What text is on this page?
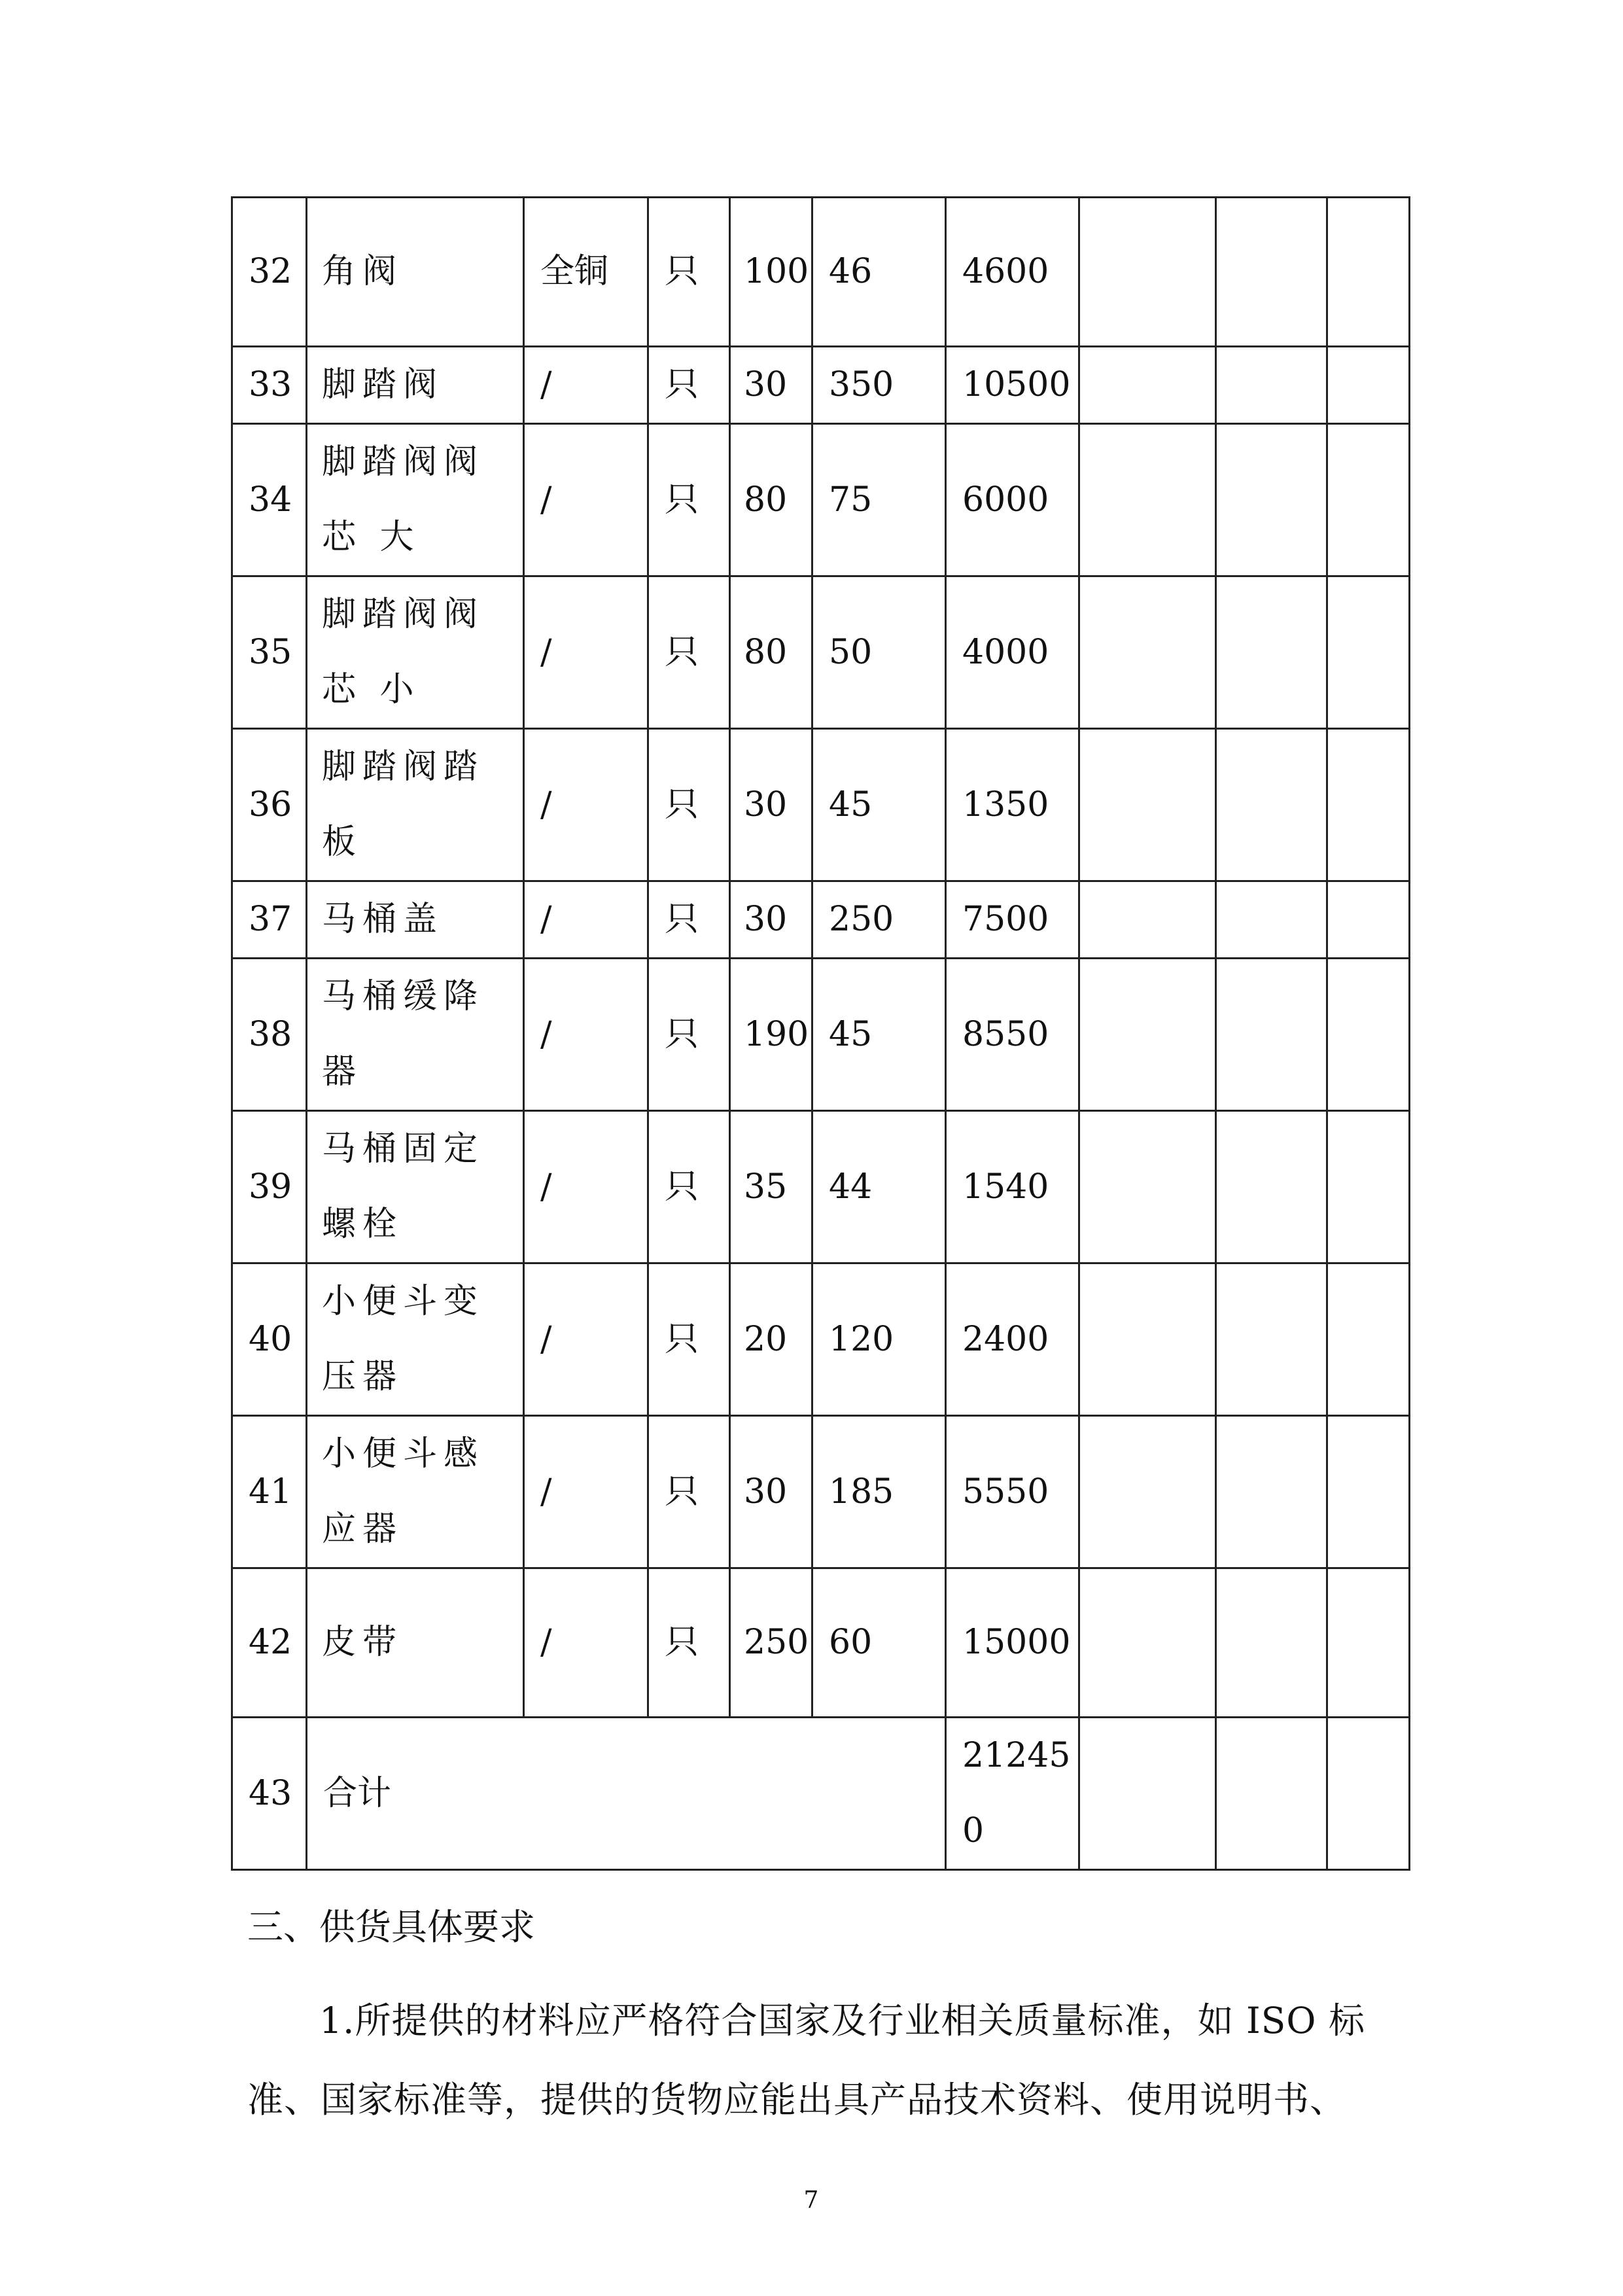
32	角阀	全铜	只	100	46	4600			
33	脚踏阀	/	只	30	350	10500			
34	脚踏阀阀芯 大	/	只	80	75	6000			
35	脚踏阀阀芯 小	/	只	80	50	4000			
36	脚踏阀踏板	/	只	30	45	1350			
37	马桶盖	/	只	30	250	7500			
38	马桶缓降器	/	只	190	45	8550			
39	马桶固定螺栓	/	只	35	44	1540			
40	小便斗变压器	/	只	20	120	2400			
41	小便斗感应器	/	只	30	185	5550			
42	皮带	/	只	250	60	15000			
43	合计					212450			
三、供货具体要求

1.所提供的材料应严格符合国家及行业相关质量标准，如 ISO 标准、国家标准等，提供的货物应能出具产品技术资料、使用说明书、

7
